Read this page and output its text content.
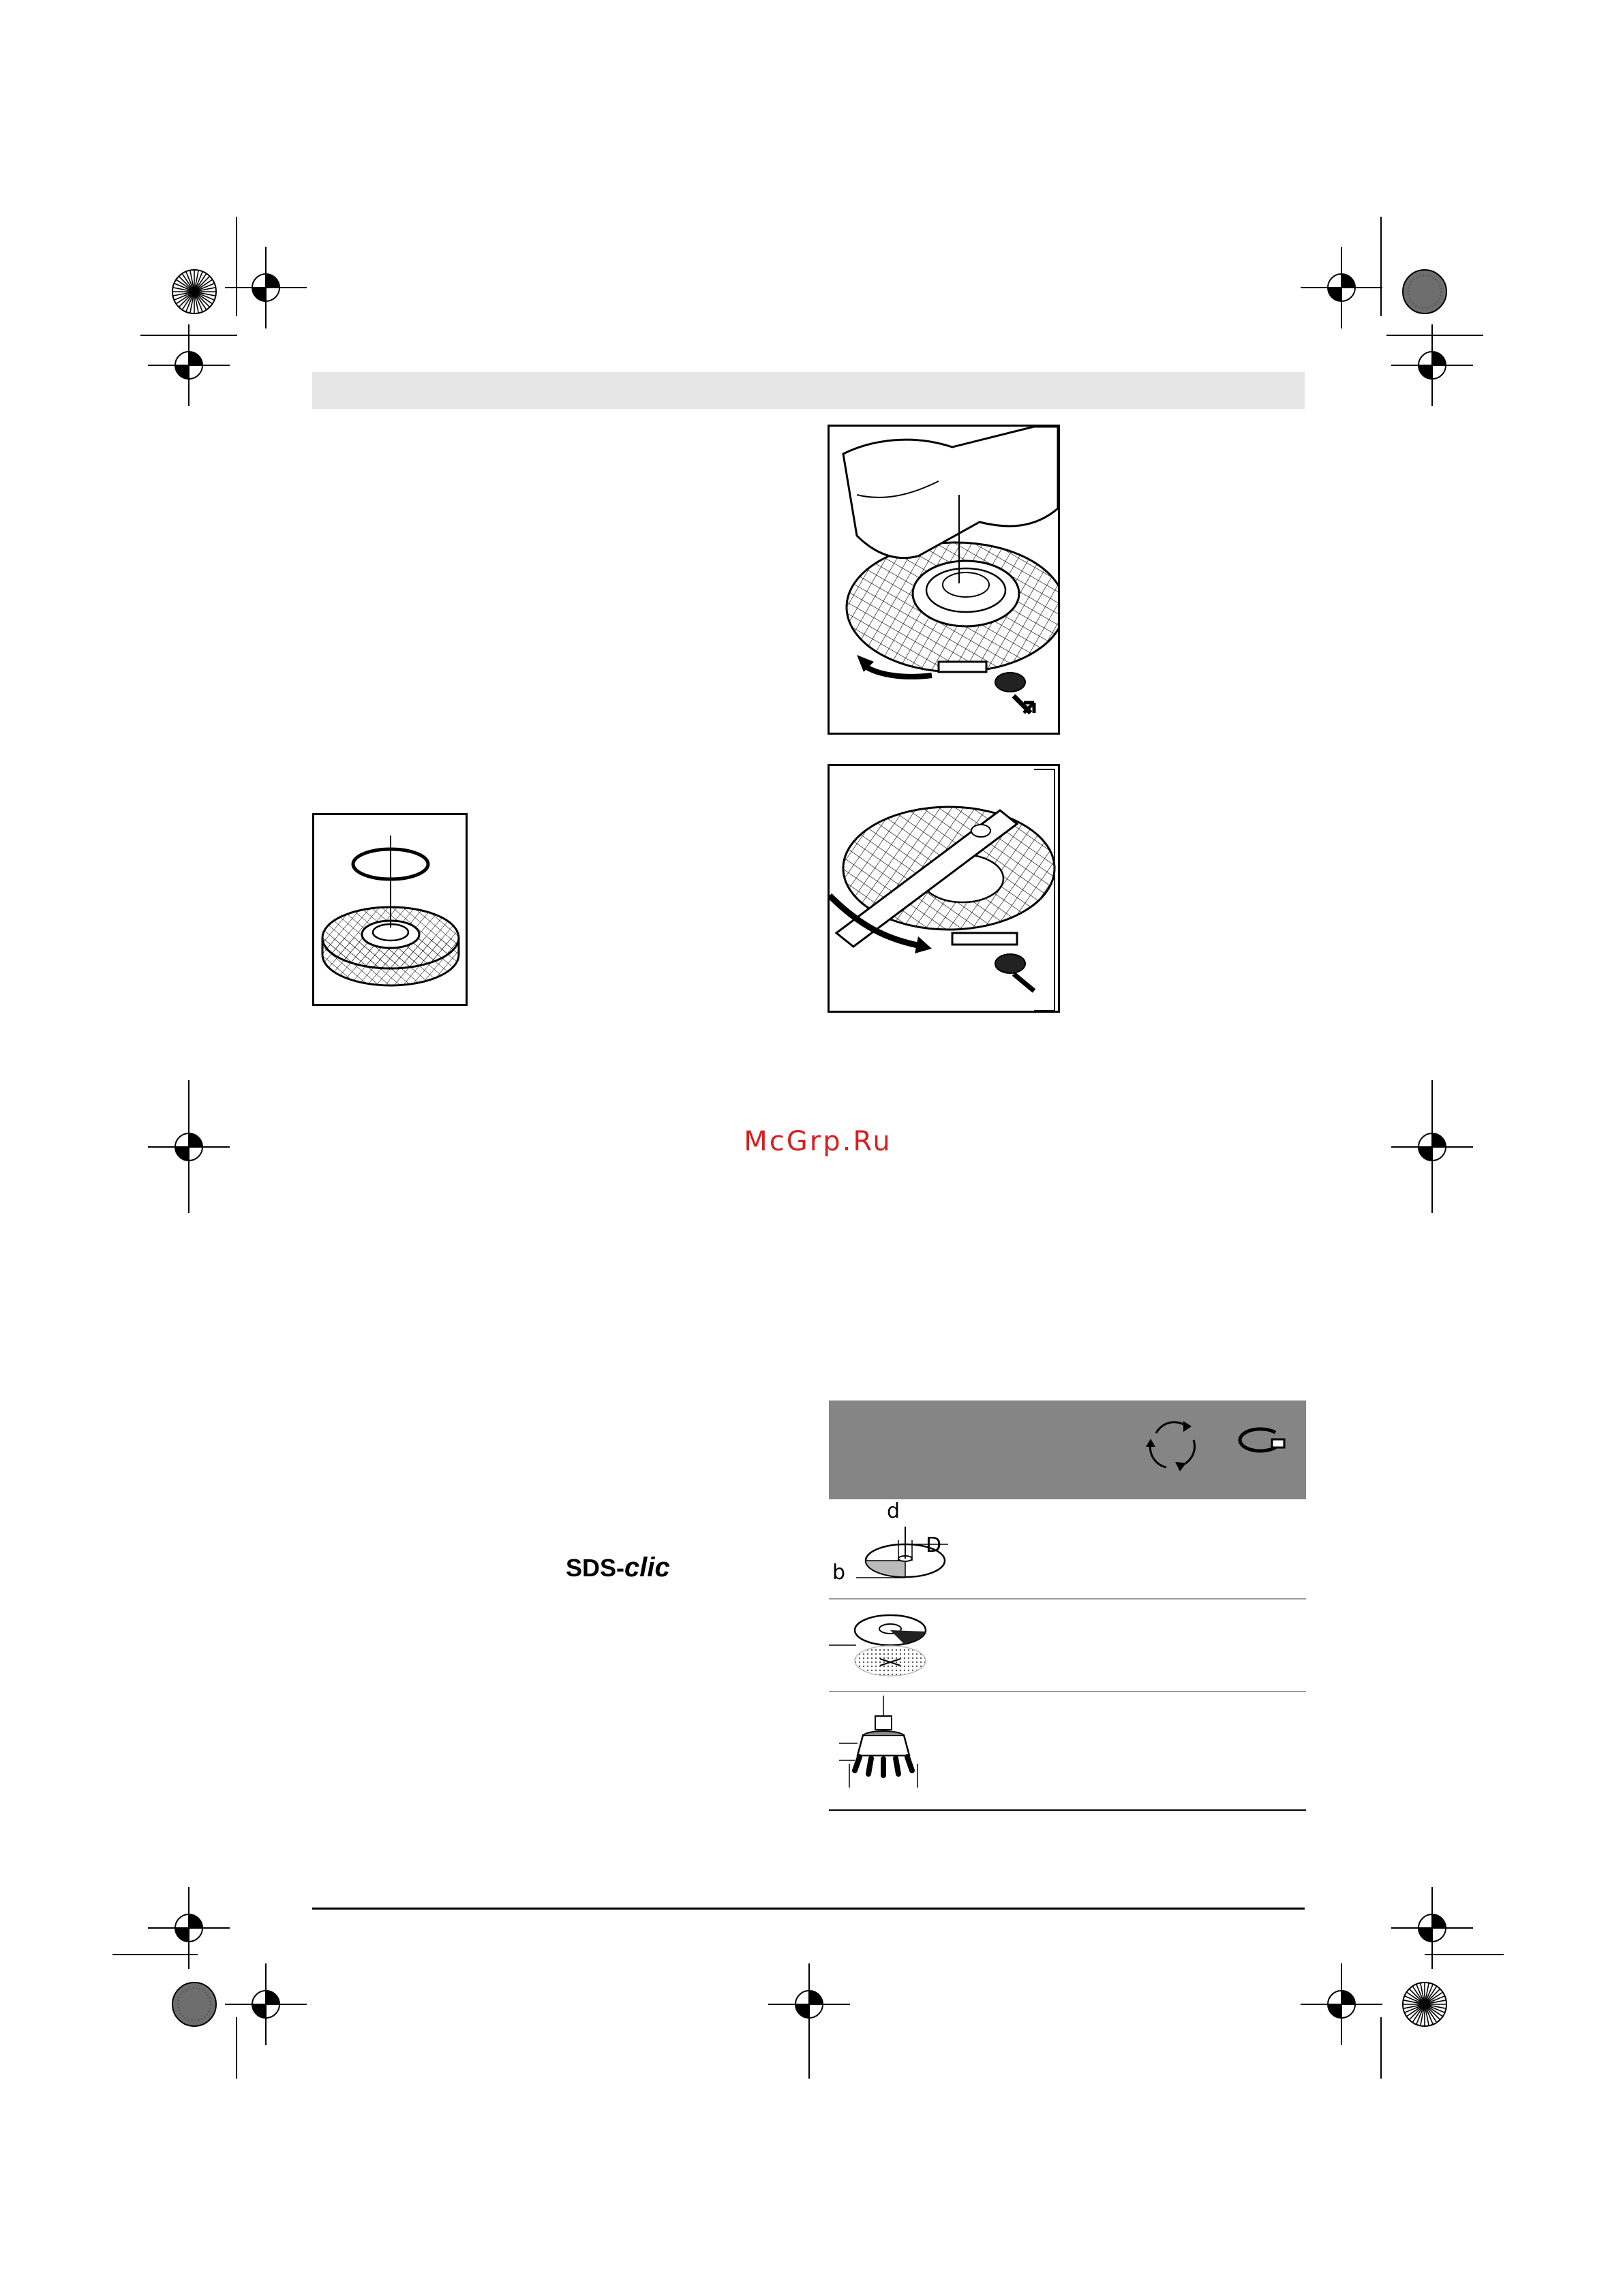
McGrp.Ru
SDS-clic
d
D
b
